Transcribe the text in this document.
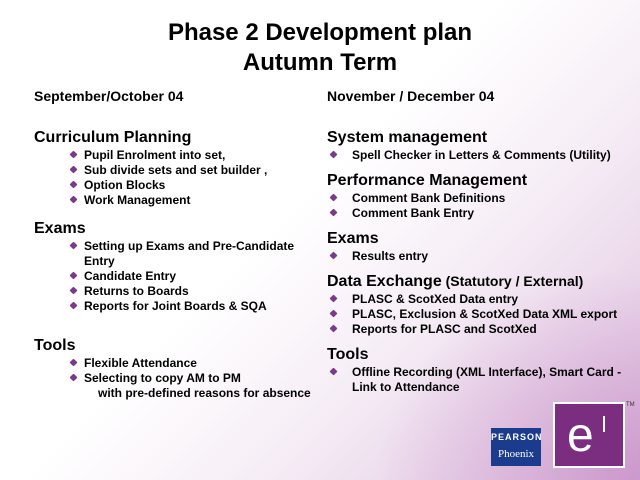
Phase 2 Development plan
Autumn Term

September/October 04

Curriculum Planning

Pupil Enrolment into set,
Sub divide sets and set builder ,
Option Blocks
Work Management

Exams

Setting up Exams and Pre-Candidate
Entry
Candidate Entry
Returns to Boards
Reports for Joint Boards & SQA

Tools

Flexible Attendance
Selecting to copy AM to PM
with pre-defined reasons for absence

November / December 04

System management

Spell Checker in Letters & Comments (Utility)

Performance Management

Comment Bank Definitions
Comment Bank Entry

Exams

Results entry

Data Exchange (Statutory / External)

PLASC & ScotXed Data entry
PLASC, Exclusion & ScotXed Data XML export
Reports for PLASC and ScotXed

Tools

Offline Recording (XML Interface), Smart Card -
Link to Attendance
PEARSON
Phoenix e
TM
